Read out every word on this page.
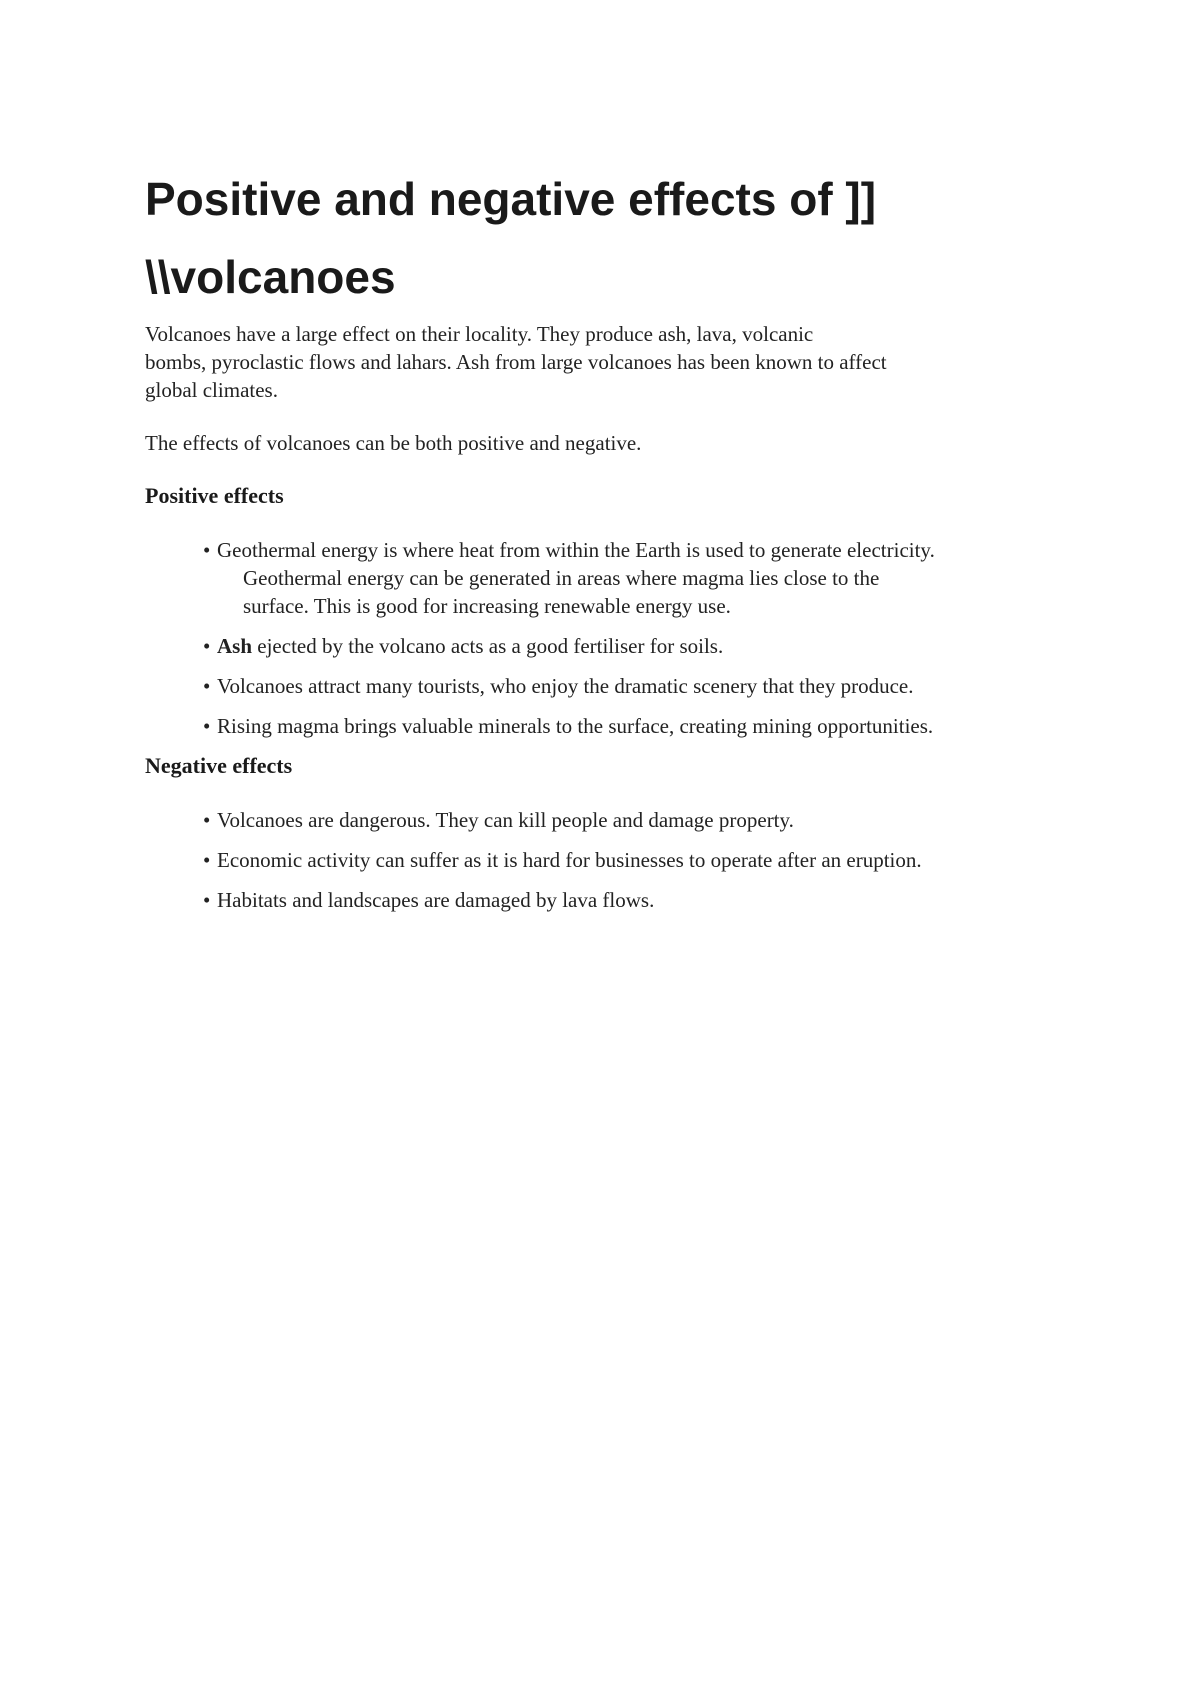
Positive and negative effects of ]]
\\volcanoes

Volcanoes have a large effect on their locality. They produce ash, lava, volcanic
bombs, pyroclastic flows and lahars. Ash from large volcanoes has been known to affect
global climates.

The effects of volcanoes can be both positive and negative.

Positive effects
• Geothermal energy is where heat from within the Earth is used to generate electricity.
Geothermal energy can be generated in areas where magma lies close to the
surface. This is good for increasing renewable energy use.
• Ash ejected by the volcano acts as a good fertiliser for soils.
• Volcanoes attract many tourists, who enjoy the dramatic scenery that they produce.
• Rising magma brings valuable minerals to the surface, creating mining opportunities.
Negative effects
• Volcanoes are dangerous. They can kill people and damage property.
• Economic activity can suffer as it is hard for businesses to operate after an eruption.
• Habitats and landscapes are damaged by lava flows.
